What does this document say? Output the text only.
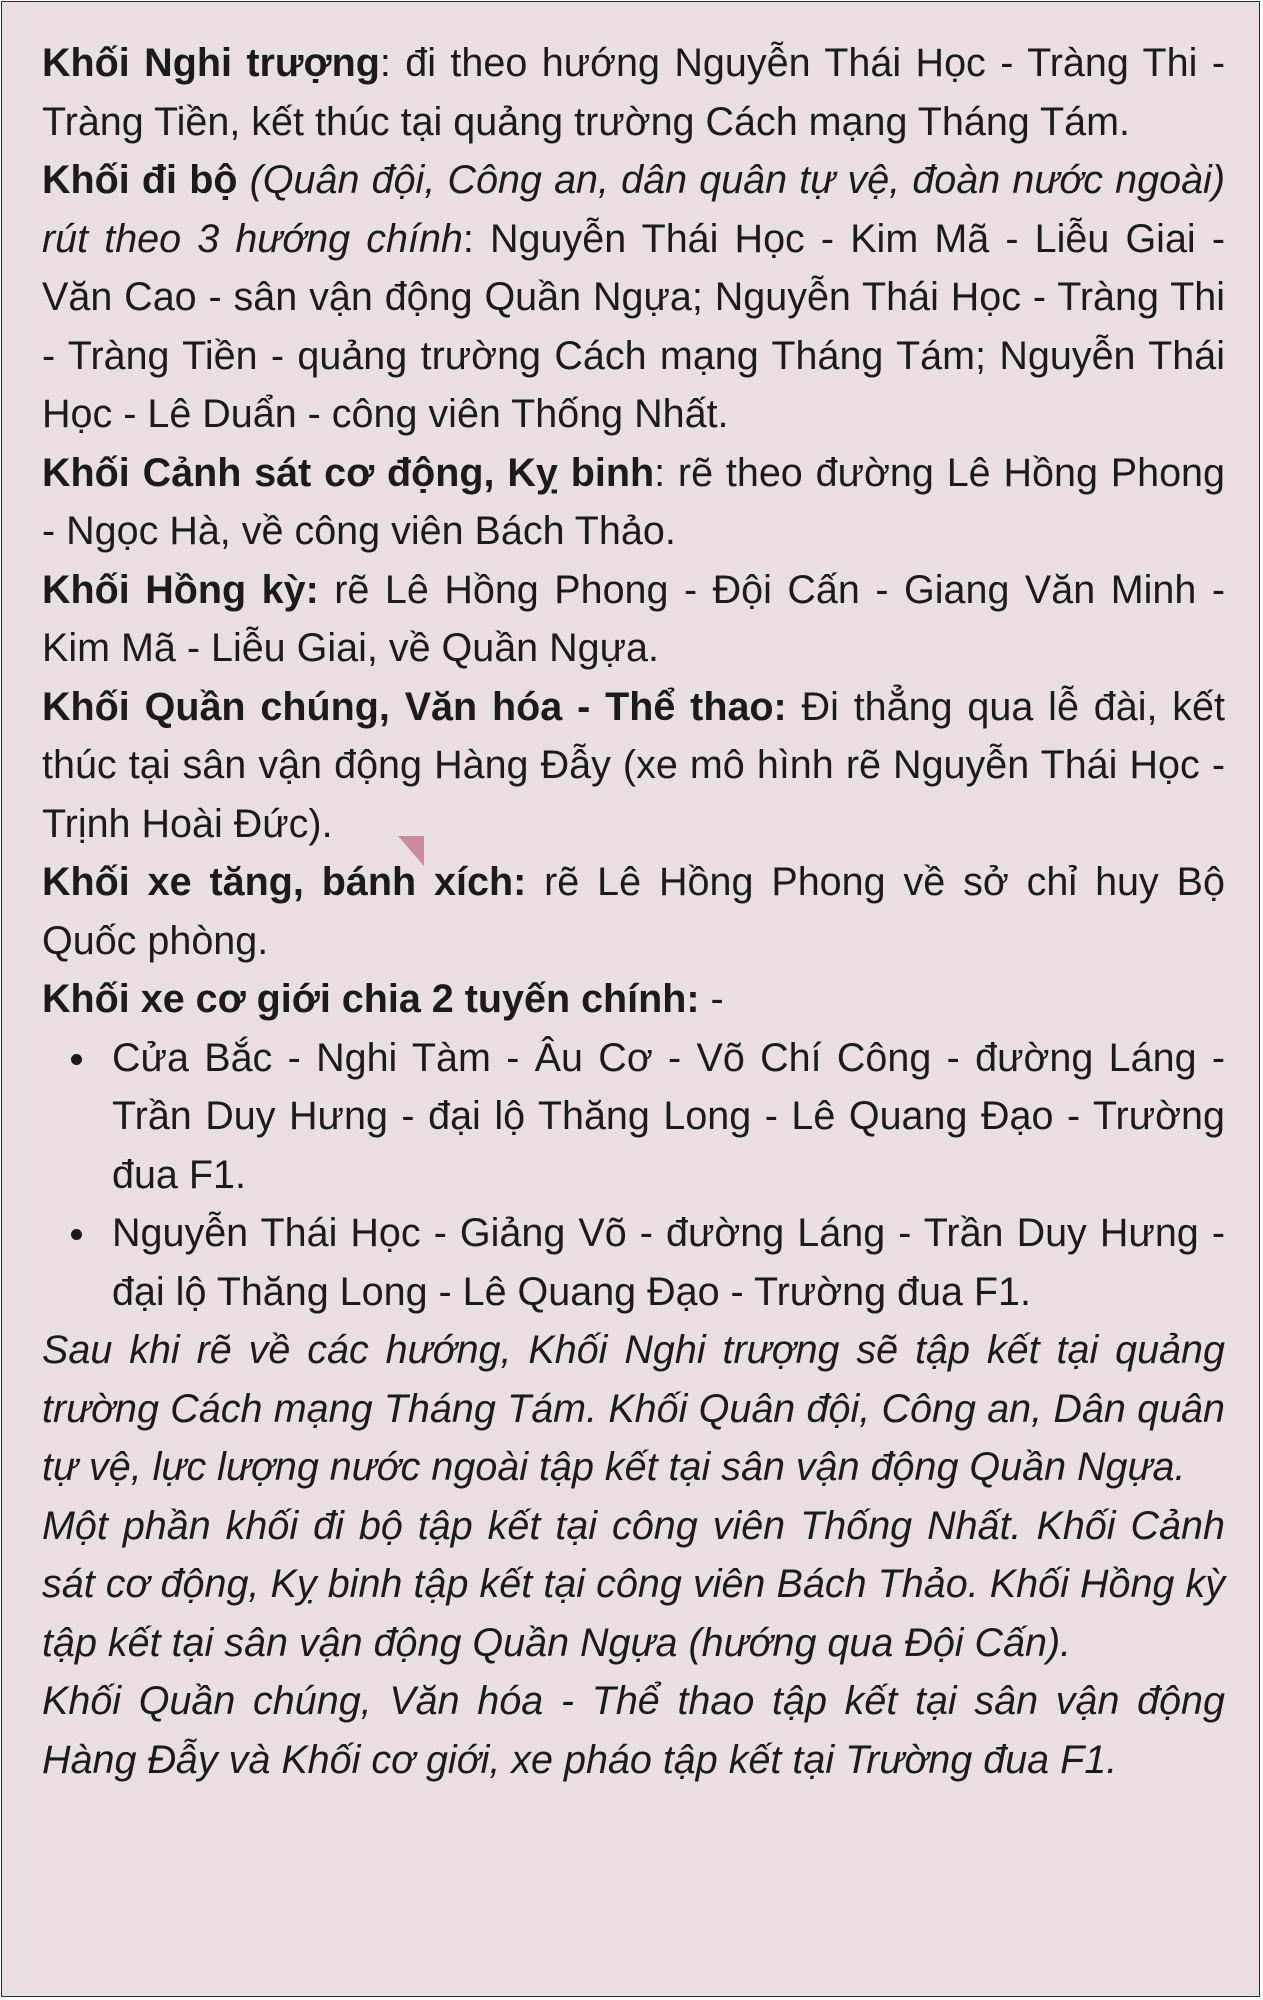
Khối Nghi trượng: đi theo hướng Nguyễn Thái Học - Tràng Thi - Tràng Tiền, kết thúc tại quảng trường Cách mạng Tháng Tám.

Khối đi bộ (Quân đội, Công an, dân quân tự vệ, đoàn nước ngoài) rút theo 3 hướng chính: Nguyễn Thái Học - Kim Mã - Liễu Giai - Văn Cao - sân vận động Quần Ngựa; Nguyễn Thái Học - Tràng Thi - Tràng Tiền - quảng trường Cách mạng Tháng Tám; Nguyễn Thái Học - Lê Duẩn - công viên Thống Nhất.

Khối Cảnh sát cơ động, Kỵ binh: rẽ theo đường Lê Hồng Phong - Ngọc Hà, về công viên Bách Thảo.

Khối Hồng kỳ: rẽ Lê Hồng Phong - Đội Cấn - Giang Văn Minh - Kim Mã - Liễu Giai, về Quần Ngựa.

Khối Quần chúng, Văn hóa - Thể thao: Đi thẳng qua lễ đài, kết thúc tại sân vận động Hàng Đẫy (xe mô hình rẽ Nguyễn Thái Học - Trịnh Hoài Đức).

Khối xe tăng, bánh xích: rẽ Lê Hồng Phong về sở chỉ huy Bộ Quốc phòng.

Khối xe cơ giới chia 2 tuyến chính: -

Cửa Bắc - Nghi Tàm - Âu Cơ - Võ Chí Công - đường Láng - Trần Duy Hưng - đại lộ Thăng Long - Lê Quang Đạo - Trường đua F1.
Nguyễn Thái Học - Giảng Võ - đường Láng - Trần Duy Hưng - đại lộ Thăng Long - Lê Quang Đạo - Trường đua F1.

Sau khi rẽ về các hướng, Khối Nghi trượng sẽ tập kết tại quảng trường Cách mạng Tháng Tám. Khối Quân đội, Công an, Dân quân tự vệ, lực lượng nước ngoài tập kết tại sân vận động Quần Ngựa.

Một phần khối đi bộ tập kết tại công viên Thống Nhất. Khối Cảnh sát cơ động, Kỵ binh tập kết tại công viên Bách Thảo. Khối Hồng kỳ tập kết tại sân vận động Quần Ngựa (hướng qua Đội Cấn).

Khối Quần chúng, Văn hóa - Thể thao tập kết tại sân vận động Hàng Đẫy và Khối cơ giới, xe pháo tập kết tại Trường đua F1.
